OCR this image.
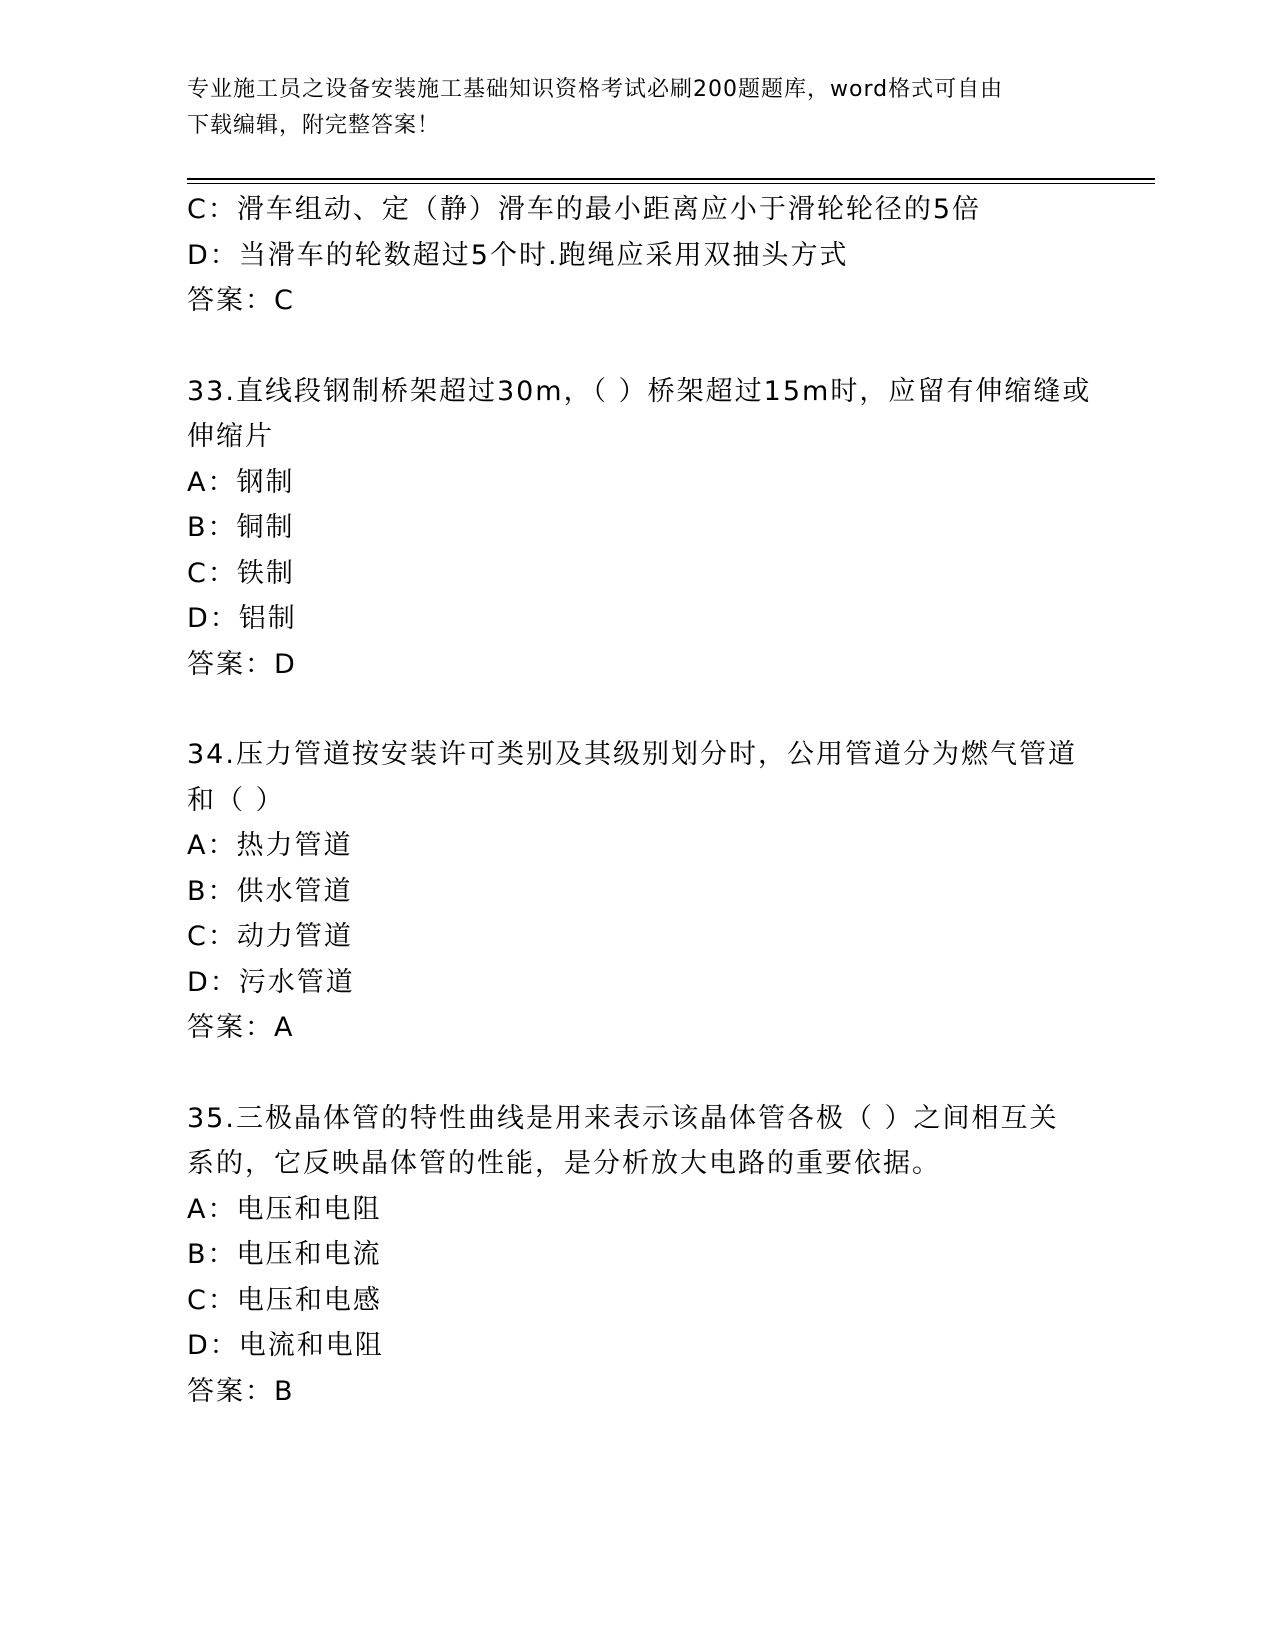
专业施工员之设备安装施工基础知识资格考试必刷200题题库，word格式可自由
下载编辑，附完整答案！
C：滑车组动、定（静）滑车的最小距离应小于滑轮轮径的5倍
D：当滑车的轮数超过5个时.跑绳应采用双抽头方式
答案：C
33.直线段钢制桥架超过30m，（ ）桥架超过15m时，应留有伸缩缝或
伸缩片
A：钢制
B：铜制
C：铁制
D：铝制
答案：D
34.压力管道按安装许可类别及其级别划分时，公用管道分为燃气管道
和（ ）
A：热力管道
B：供水管道
C：动力管道
D：污水管道
答案：A
35.三极晶体管的特性曲线是用来表示该晶体管各极（ ）之间相互关
系的，它反映晶体管的性能，是分析放大电路的重要依据。
A：电压和电阻
B：电压和电流
C：电压和电感
D：电流和电阻
答案：B
